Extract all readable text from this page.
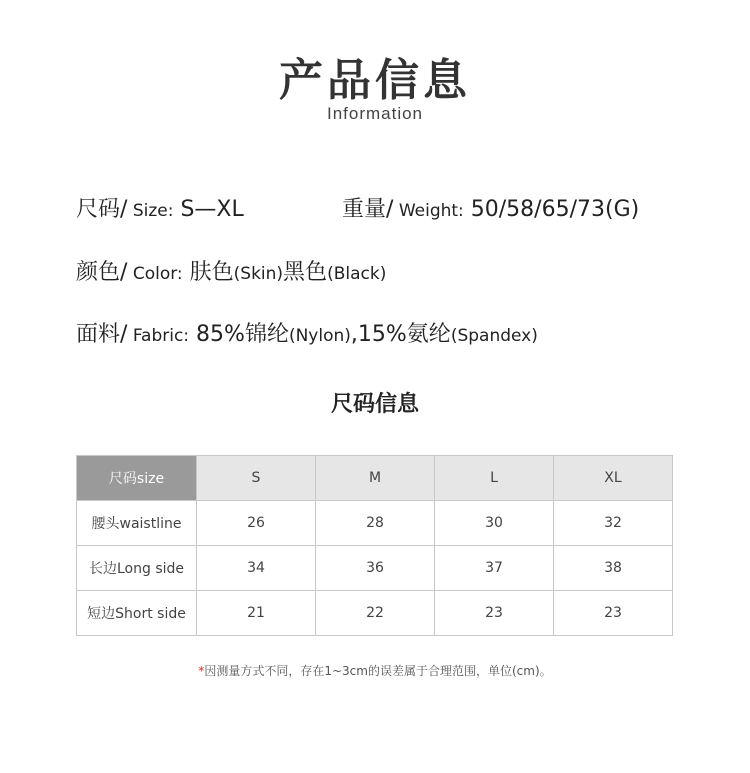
产品信息
Information
尺码/ Size: S—XL	重量/ Weight: 50/58/65/73(G)
颜色/ Color: 肤色(Skin)黑色(Black)
面料/ Fabric: 85%锦纶(Nylon),15%氨纶(Spandex)
尺码信息
尺码size	S	M	L	XL
腰头waistline	26	28	30	32
长边Long side	34	36	37	38
短边Short side	21	22	23	23
*因测量方式不同，存在1~3cm的误差属于合理范围，单位(cm)。
